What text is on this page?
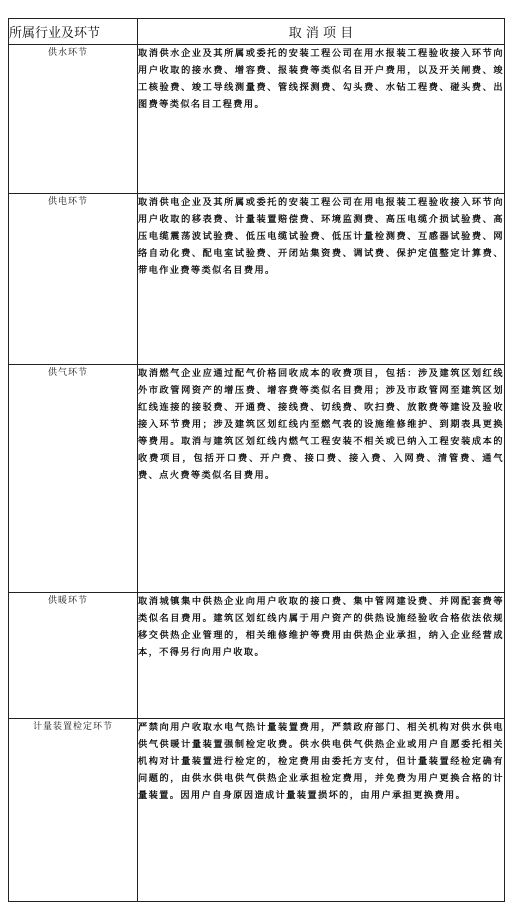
所属行业及环节	取 消 项 目
供水环节	取消供水企业及其所属或委托的安装工程公司在用水报装工程验收接入环节向用户收取的接水费、增容费、报装费等类似名目开户费用，以及开关闸费、竣工核验费、竣工导线测量费、管线探测费、勾头费、水钻工程费、碰头费、出图费等类似名目工程费用。
供电环节	取消供电企业及其所属或委托的安装工程公司在用电报装工程验收接入环节向用户收取的移表费、计量装置赔偿费、环境监测费、高压电缆介损试验费、高压电缆震荡波试验费、低压电缆试验费、低压计量检测费、互感器试验费、网络自动化费、配电室试验费、开闭站集资费、调试费、保护定值整定计算费、带电作业费等类似名目费用。
供气环节	取消燃气企业应通过配气价格回收成本的收费项目，包括：涉及建筑区划红线外市政管网资产的增压费、增容费等类似名目费用；涉及市政管网至建筑区划红线连接的接驳费、开通费、接线费、切线费、吹扫费、放散费等建设及验收接入环节费用；涉及建筑区划红线内至燃气表的设施维修维护、到期表具更换等费用。取消与建筑区划红线内燃气工程安装不相关或已纳入工程安装成本的收费项目，包括开口费、开户费、接口费、接入费、入网费、清管费、通气费、点火费等类似名目费用。
供暖环节	取消城镇集中供热企业向用户收取的接口费、集中管网建设费、并网配套费等类似名目费用。建筑区划红线内属于用户资产的供热设施经验收合格依法依规移交供热企业管理的，相关维修维护等费用由供热企业承担，纳入企业经营成本，不得另行向用户收取。
计量装置检定环节	严禁向用户收取水电气热计量装置费用，严禁政府部门、相关机构对供水供电供气供暖计量装置强制检定收费。供水供电供气供热企业或用户自愿委托相关机构对计量装置进行检定的，检定费用由委托方支付，但计量装置经检定确有问题的，由供水供电供气供热企业承担检定费用，并免费为用户更换合格的计量装置。因用户自身原因造成计量装置损坏的，由用户承担更换费用。
